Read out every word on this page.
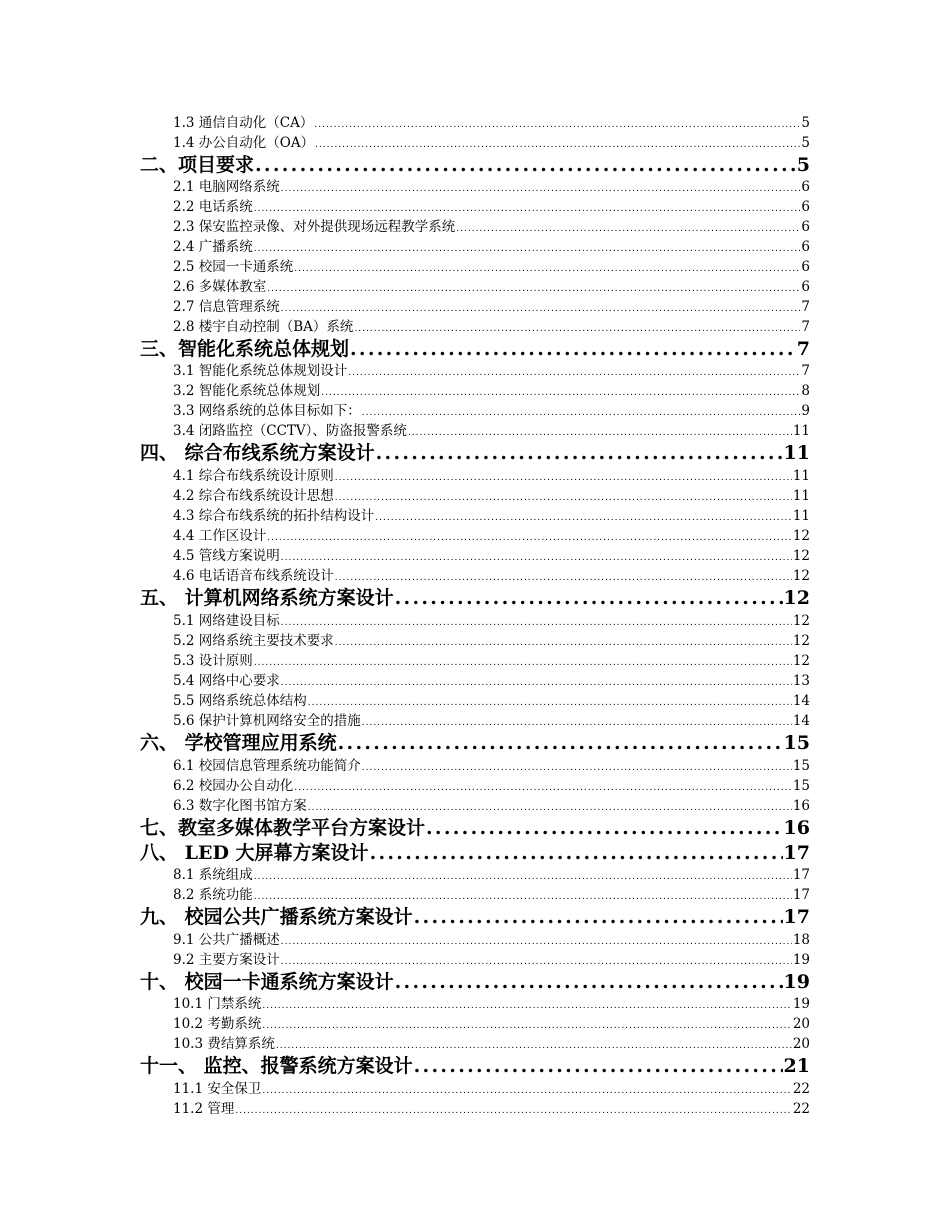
1.3 通信自动化（CA） .....	5
1.4 办公自动化（OA） .....	5
二、项目要求 .....	5
2.1 电脑网络系统 .....	6
2.2 电话系统 .....	6
2.3 保安监控录像、对外提供现场远程教学系统 .....	6
2.4 广播系统 .....	6
2.5 校园一卡通系统 .....	6
2.6 多媒体教室 .....	6
2.7 信息管理系统 .....	7
2.8 楼宇自动控制（BA）系统 .....	7
三、智能化系统总体规划 .....	7
3.1 智能化系统总体规划设计 .....	7
3.2 智能化系统总体规划 .....	8
3.3 网络系统的总体目标如下： .....	9
3.4 闭路监控（CCTV）、防盗报警系统 .....	11
四、 综合布线系统方案设计 .....	11
4.1 综合布线系统设计原则 .....	11
4.2 综合布线系统设计思想 .....	11
4.3 综合布线系统的拓扑结构设计 .....	11
4.4 工作区设计 .....	12
4.5 管线方案说明 .....	12
4.6 电话语音布线系统设计 .....	12
五、 计算机网络系统方案设计 .....	12
5.1 网络建设目标 .....	12
5.2 网络系统主要技术要求 .....	12
5.3 设计原则 .....	12
5.4 网络中心要求 .....	13
5.5 网络系统总体结构 .....	14
5.6 保护计算机网络安全的措施 .....	14
六、 学校管理应用系统 .....	15
6.1 校园信息管理系统功能简介 .....	15
6.2 校园办公自动化 .....	15
6.3 数字化图书馆方案 .....	16
七、教室多媒体教学平台方案设计 .....	16
八、 LED 大屏幕方案设计 .....	17
8.1 系统组成 .....	17
8.2 系统功能 .....	17
九、 校园公共广播系统方案设计 .....	17
9.1 公共广播概述 .....	18
9.2 主要方案设计 .....	19
十、 校园一卡通系统方案设计 .....	19
10.1 门禁系统 .....	19
10.2 考勤系统 .....	20
10.3 费结算系统 .....	20
十一、 监控、报警系统方案设计 .....	21
11.1 安全保卫 .....	22
11.2 管理 .....	22
